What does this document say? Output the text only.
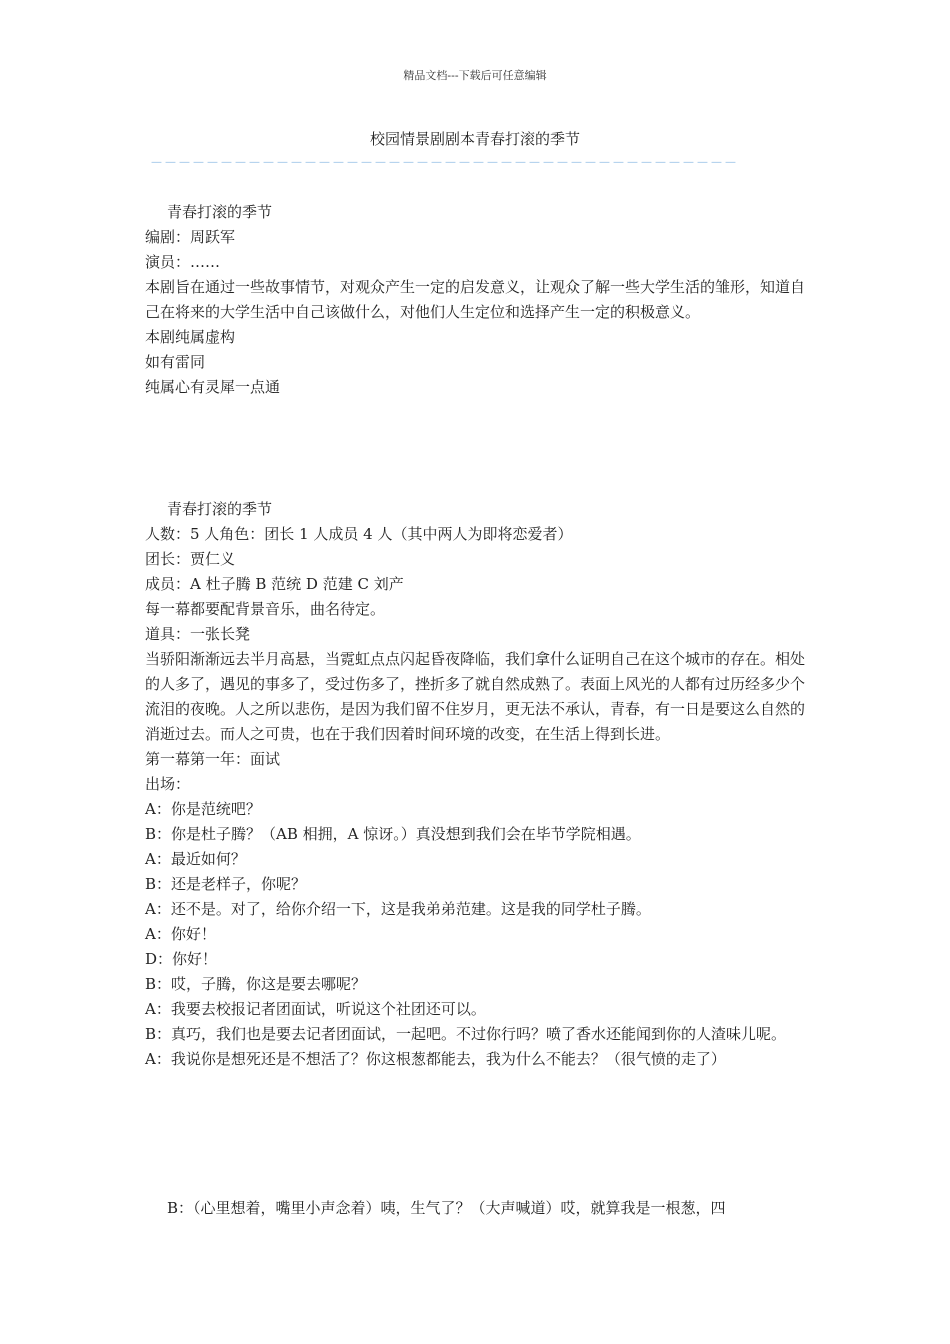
精品文档---下载后可任意编辑
校园情景剧剧本青春打滚的季节
－－－－－－－－－－－－－－－－－－－－－－－－－－－－－－－－－－－－－－－－－－

青春打滚的季节

编剧：周跃军

演员：……

本剧旨在通过一些故事情节，对观众产生一定的启发意义，让观众了解一些大学生活的雏形，知道自己在将来的大学生活中自己该做什么，对他们人生定位和选择产生一定的积极意义。

本剧纯属虚构

如有雷同

纯属心有灵犀一点通

青春打滚的季节

人数：5 人角色：团长 1 人成员 4 人（其中两人为即将恋爱者）

团长：贾仁义

成员：A 杜子腾 B 范统 D 范建 C 刘产

每一幕都要配背景音乐，曲名待定。

道具：一张长凳

当骄阳渐渐远去半月高悬，当霓虹点点闪起昏夜降临，我们拿什么证明自己在这个城市的存在。相处的人多了，遇见的事多了，受过伤多了，挫折多了就自然成熟了。表面上风光的人都有过历经多少个流泪的夜晚。人之所以悲伤，是因为我们留不住岁月，更无法不承认，青春，有一日是要这么自然的消逝过去。而人之可贵，也在于我们因着时间环境的改变，在生活上得到长进。

第一幕第一年：面试

出场：

A：你是范统吧？

B：你是杜子腾？（AB 相拥，A 惊讶。）真没想到我们会在毕节学院相遇。

A：最近如何？

B：还是老样子，你呢？

A：还不是。对了，给你介绍一下，这是我弟弟范建。这是我的同学杜子腾。

A：你好！

D：你好！

B：哎，子腾，你这是要去哪呢？

A：我要去校报记者团面试，听说这个社团还可以。

B：真巧，我们也是要去记者团面试，一起吧。不过你行吗？喷了香水还能闻到你的人渣味儿呢。

A：我说你是想死还是不想活了？你这根葱都能去，我为什么不能去？（很气愤的走了）

B：（心里想着，嘴里小声念着）咦，生气了？（大声喊道）哎，就算我是一根葱，四
